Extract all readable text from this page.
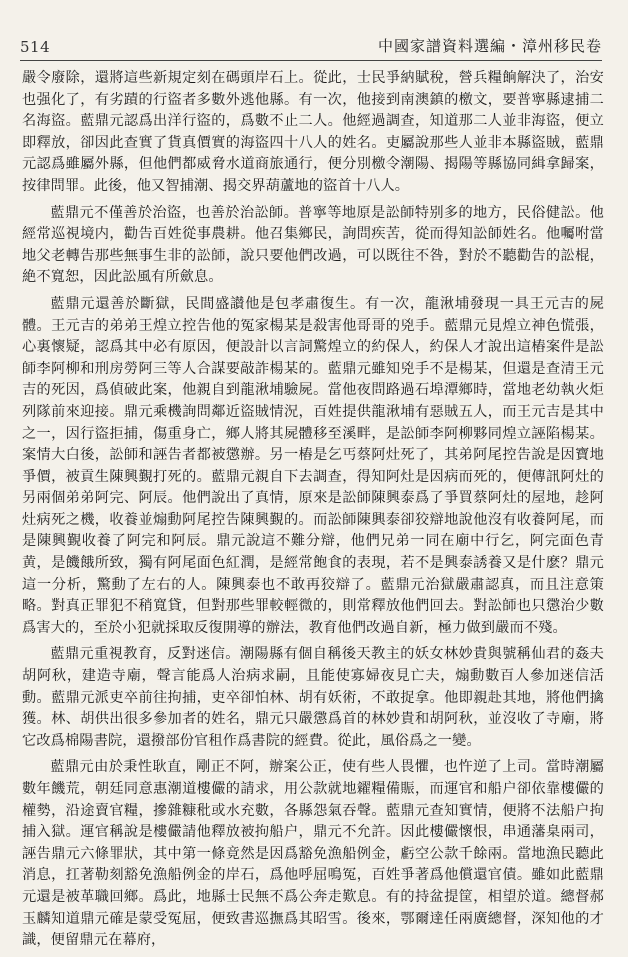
514	中國家譜資料選編・漳州移民卷

嚴令廢除，還將這些新規定刻在碼頭岸石上。從此，士民爭納賦稅，營兵糧餉解決了，治安也强化了，有劣蹟的行盜者多數外逃他縣。有一次，他接到南澳鎮的檄文，要普寧縣逮捕二名海盜。藍鼎元認爲出洋行盜的，爲數不止二人。他經過調查，知道那二人並非海盜，便立即釋放，卻因此查實了貨真價實的海盜四十八人的姓名。吏屬說那些人並非本縣盜賊，藍鼎元認爲雖屬外縣，但他們都威脅水道商旅通行，便分別檄令潮陽、揭陽等縣協同緝拿歸案，按律問罪。此後，他又智捕潮、揭交界葫蘆地的盜首十八人。

藍鼎元不僅善於治盜，也善於治訟師。普寧等地原是訟師特别多的地方，民俗健訟。他經常巡視境内，勸告百姓從事農耕。他召集鄉民，詢問疾苦，從而得知訟師姓名。他囑咐當地父老轉告那些無事生非的訟師，說只要他們改過，可以既往不咎，對於不聽勸告的訟棍，絶不寬恕，因此訟風有所歛息。

藍鼎元還善於斷獄，民間盛讃他是包孝肅復生。有一次，龍湫埔發現一具王元吉的屍體。王元吉的弟弟王煌立控告他的冤家楊某是殺害他哥哥的兇手。藍鼎元見煌立神色慌張，心裏懷疑，認爲其中必有原因，便設計以言詞驚煌立的約保人，約保人才說出這樁案件是訟師李阿柳和刑房勞阿三等人合謀要敲詐楊某的。藍鼎元雖知兇手不是楊某，但還是查清王元吉的死因，爲偵破此案，他親自到龍湫埔驗屍。當他夜問路過石埠潭鄉時，當地老幼執火炬列隊前來迎接。鼎元乘機詢問鄰近盜賊情況，百姓提供龍湫埔有惡賊五人，而王元吉是其中之一，因行盜拒捕，傷重身亡，鄉人將其屍體移至溪畔，是訟師李阿柳夥同煌立誣陷楊某。案情大白後，訟師和誣告者都被懲辦。另一樁是乞丐蔡阿灶死了，其弟阿尾控告說是因寶地爭價，被貢生陳興覲打死的。藍鼎元親自下去調查，得知阿灶是因病而死的，便傳訊阿灶的另兩個弟弟阿完、阿辰。他們說出了真情，原來是訟師陳興泰爲了爭買蔡阿灶的屋地，趁阿灶病死之機，收養並煽動阿尾控告陳興覲的。而訟師陳興泰卻狡辯地說他沒有收養阿尾，而是陳興覲收養了阿完和阿辰。鼎元說這不難分辯，他們兄弟一同在廟中行乞，阿完面色青黄，是饑餓所致，獨有阿尾面色紅潤，是經常飽食的表現，若不是興泰誘養又是什麽？鼎元這一分析，驚動了左右的人。陳興泰也不敢再狡辯了。藍鼎元治獄嚴肅認真，而且注意策略。對真正罪犯不稍寬貸，但對那些罪較輕微的，則常釋放他們回去。對訟師也只懲治少數爲害大的，至於小犯就採取反復開導的辦法，教育他們改過自新，極力做到嚴而不殘。

藍鼎元重視教育，反對迷信。潮陽縣有個自稱後天教主的妖女林妙貴與號稱仙君的姦夫胡阿秋，建造寺廟，聲言能爲人治病求嗣，且能使寡婦夜見亡夫，煽動數百人參加迷信活動。藍鼎元派吏卒前往拘捕，吏卒卻怕林、胡有妖術，不敢捉拿。他即親赴其地，將他們擒獲。林、胡供出很多參加者的姓名，鼎元只嚴懲爲首的林妙貴和胡阿秋，並沒收了寺廟，將它改爲棉陽書院，還撥部份官租作爲書院的經費。從此，風俗爲之一變。

藍鼎元由於秉性耿直，剛正不阿，辦案公正，使有些人畏懼，也忤逆了上司。當時潮屬數年饑荒，朝廷同意惠潮道樓儼的請求，用公款就地糴糧備賑，而運官和船户卻依靠樓儼的權勢，沿途賣官糧，摻雜糠秕或水充數，各縣怨氣吞聲。藍鼎元查知實情，便將不法船户拘捕入獄。運官稱說是樓儼請他釋放被拘船户，鼎元不允許。因此樓儼懷恨，串通藩臬兩司，誣告鼎元六條罪狀，其中第一條竟然是因爲豁免漁船例金，虧空公款千餘兩。當地漁民聽此消息，扛著勒刻豁免漁船例金的岸石，爲他呼屈鳴冤，百姓爭著爲他償還官債。雖如此藍鼎元還是被革職回鄉。爲此，地縣士民無不爲公奔走歎息。有的持盆提筐，相望於道。總督郝玉麟知道鼎元確是蒙受冤屈，便致書巡撫爲其昭雪。後來，鄂爾達任兩廣總督，深知他的才識，便留鼎元在幕府，
